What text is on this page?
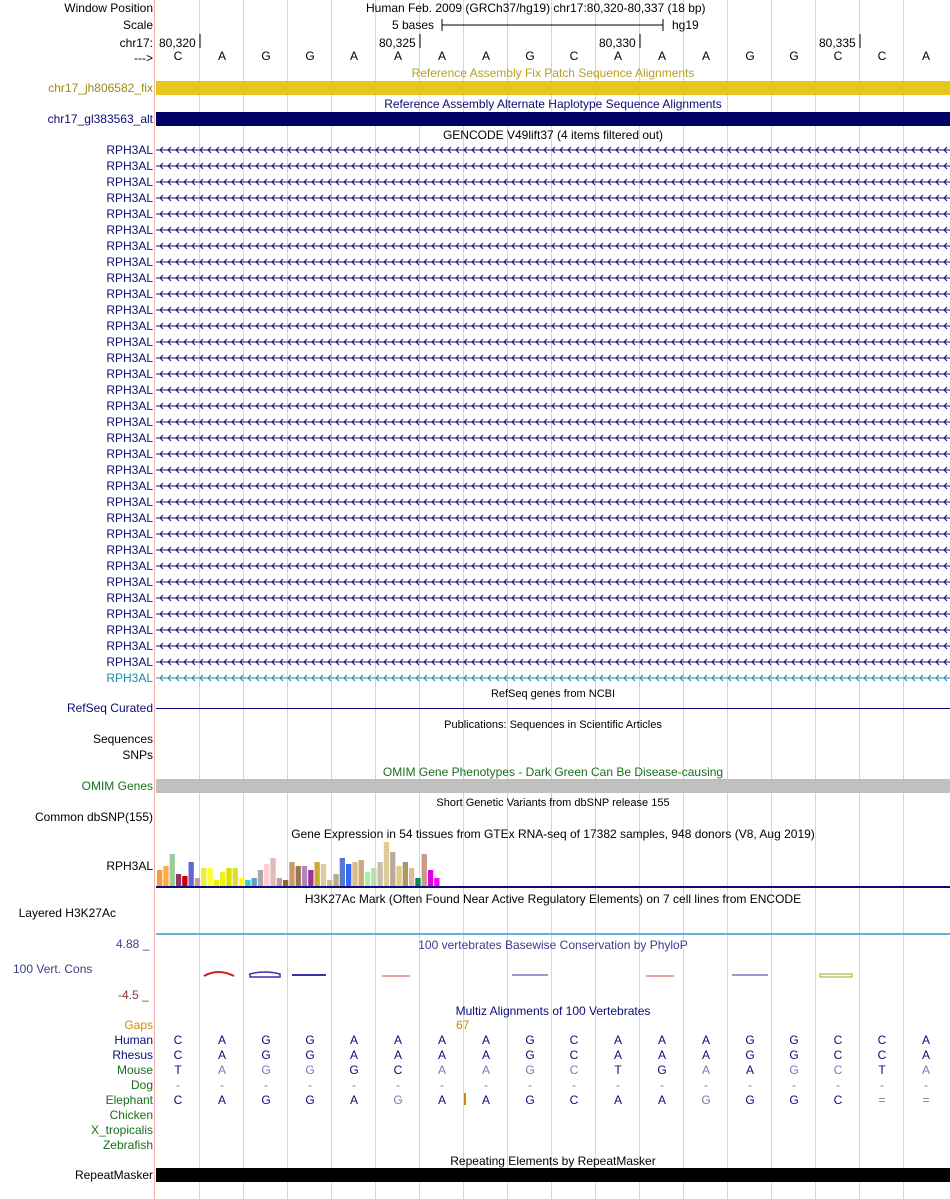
Window Position	Human Feb. 2009 (GRCh37/hg19) chr17:80,320-80,337 (18 bp)
Scale	5 bases	hg19
chr17: 80,320	80,325	80,330	80,335
--->	C	A	G	G	A	A	A	A	G	C	A	A	A	G	G	C	C	A
Reference Assembly Fix Patch Sequence Alignments
chr17_jh806582_fix
Reference Assembly Alternate Haplotype Sequence Alignments
chr17_gl383563_alt
GENCODE V49lift37 (4 items filtered out)
RPH3AL
RPH3AL
RPH3AL
RPH3AL
RPH3AL
RPH3AL
RPH3AL
RPH3AL
RPH3AL
RPH3AL
RPH3AL
RPH3AL
RPH3AL
RPH3AL
RPH3AL
RPH3AL
RPH3AL
RPH3AL
RPH3AL
RPH3AL
RPH3AL
RPH3AL
RPH3AL
RPH3AL
RPH3AL
RPH3AL
RPH3AL
RPH3AL
RPH3AL
RPH3AL
RPH3AL
RPH3AL
RPH3AL
RPH3AL
RefSeq genes from NCBI
RefSeq Curated
Publications: Sequences in Scientific Articles
Sequences
SNPs
OMIM Gene Phenotypes - Dark Green Can Be Disease-causing
OMIM Genes
Short Genetic Variants from dbSNP release 155
Common dbSNP(155)
Gene Expression in 54 tissues from GTEx RNA-seq of 17382 samples, 948 donors (V8, Aug 2019)
RPH3AL
H3K27Ac Mark (Often Found Near Active Regulatory Elements) on 7 cell lines from ENCODE
Layered H3K27Ac
100 vertebrates Basewise Conservation by PhyloP
4.88 _
100 Vert. Cons
-4.5 _
Multiz Alignments of 100 Vertebrates
Gaps	67
Human	C	A	G	G	A	A	A	A	G	C	A	A	A	G	G	C	C	A
Rhesus	C	A	G	G	A	A	A	A	G	C	A	A	A	G	G	C	C	A
Mouse	T	A	G	G	G	C	A	A	G	C	T	G	A	A	G	C	T	A
Dog	-	-	-	-	-	-	-	-	-	-	-	-	-	-	-	-	-	-
Elephant	C	A	G	G	A	G	A	A	G	C	A	A	G	G	G	C	=	=
Chicken
X_tropicalis
Zebrafish
Repeating Elements by RepeatMasker
RepeatMasker
